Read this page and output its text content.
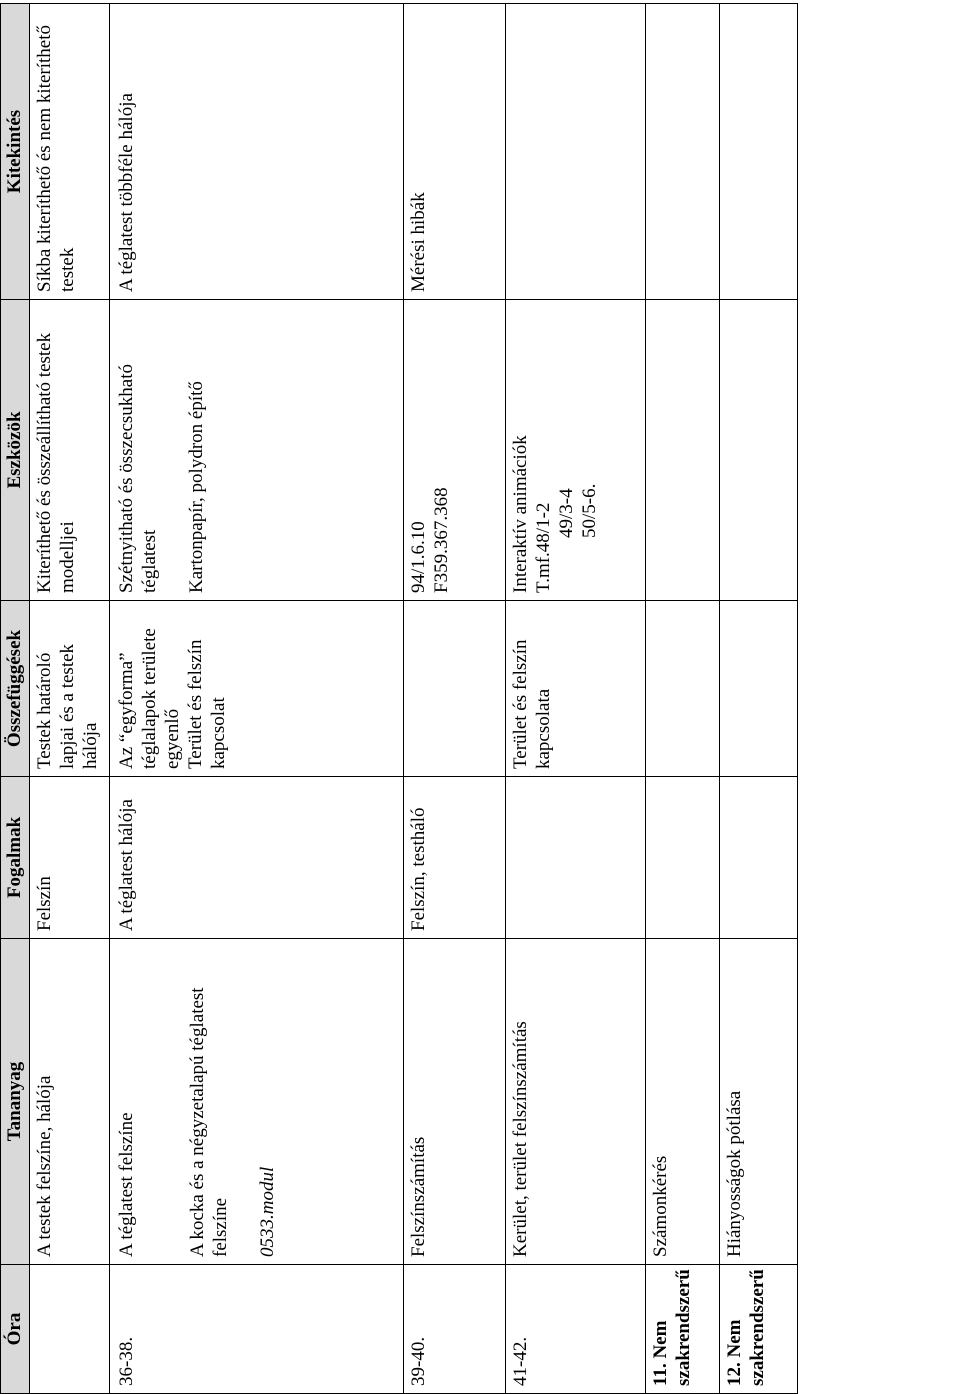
Óra	Tananyag	Fogalmak	Összefüggések	Eszközök	Kitekintés
	A testek felszíne, hálója	Felszín	Testek határoló lapjai és a testek hálója	Kiteríthető és összeállítható testek modelljei	Síkba kiteríthető és nem kiteríthető testek
36-38.	A téglatest felszíne A kocka és a négyzetalapú téglatest felszíne 0533.modul	A téglatest hálója	Az “egyforma” téglalapok területe egyenlő Terület és felszín kapcsolat	Szétnyitható és összecsukható téglatest Kartonpapír, polydron építő	A téglatest többféle hálója
39-40.	Felszínszámítás	Felszín, testháló		94/1.6.10 F359.367.368	Mérési hibák
41-42.	Kerület, terület felszínszámítás		Terület és felszín kapcsolata	Interaktív animációk T.mf.48/1-2 49/3-4 50/5-6.	

11. Nem szakrendszerű	Számonkérés				
12. Nem szakrendszerű	Hiányosságok pótlása				
